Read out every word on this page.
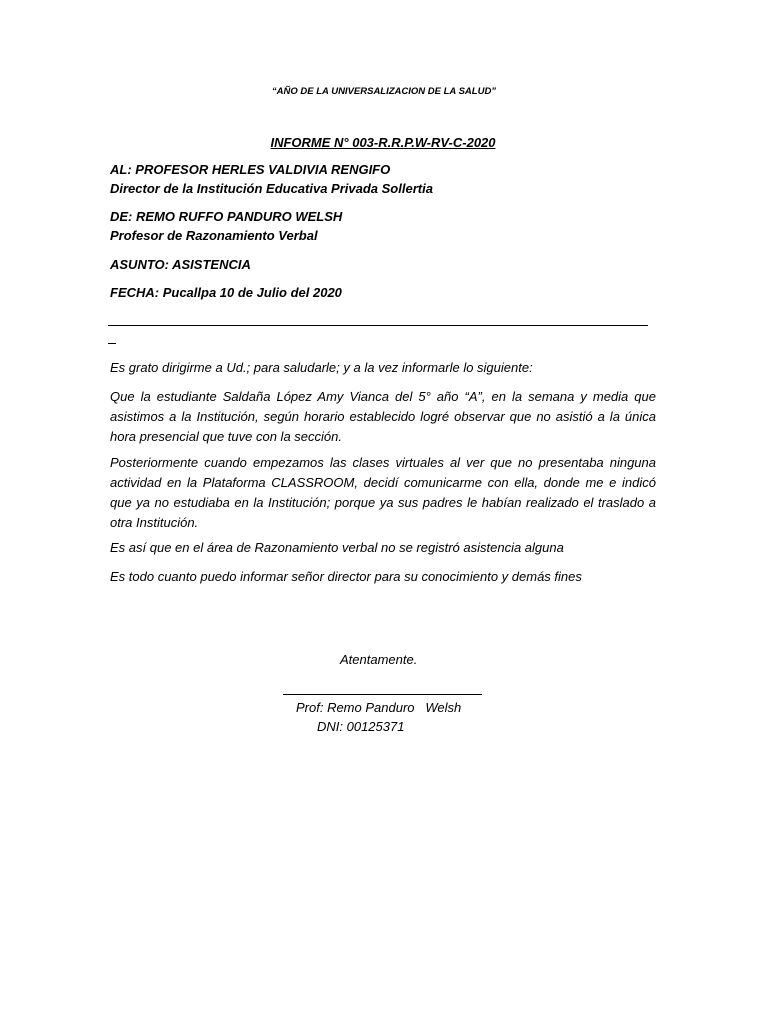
“AÑO DE LA UNIVERSALIZACION DE LA SALUD”
INFORME N° 003-R.R.P.W-RV-C-2020
AL: PROFESOR HERLES VALDIVIA RENGIFO
Director de la Institución Educativa Privada Sollertia
DE: REMO RUFFO PANDURO WELSH
Profesor de Razonamiento Verbal
ASUNTO: ASISTENCIA
FECHA: Pucallpa 10 de Julio del 2020
Es grato dirigirme a Ud.; para saludarle; y a la vez informarle lo siguiente:
Que la estudiante Saldaña López Amy Vianca del 5° año “A”, en la semana y media que asistimos a la Institución, según horario establecido logré observar que no asistió a la única hora presencial que tuve con la sección.
Posteriormente cuando empezamos las clases virtuales al ver que no presentaba ninguna actividad en la Plataforma CLASSROOM, decidí comunicarme con ella, donde me e indicó que ya no estudiaba en la Institución; porque ya sus padres le habían realizado el traslado a otra Institución.
Es así que en el área de Razonamiento verbal no se registró asistencia alguna
Es todo cuanto puedo informar señor director para su conocimiento y demás fines
Atentamente.
Prof: Remo Panduro   Welsh
DNI: 00125371
